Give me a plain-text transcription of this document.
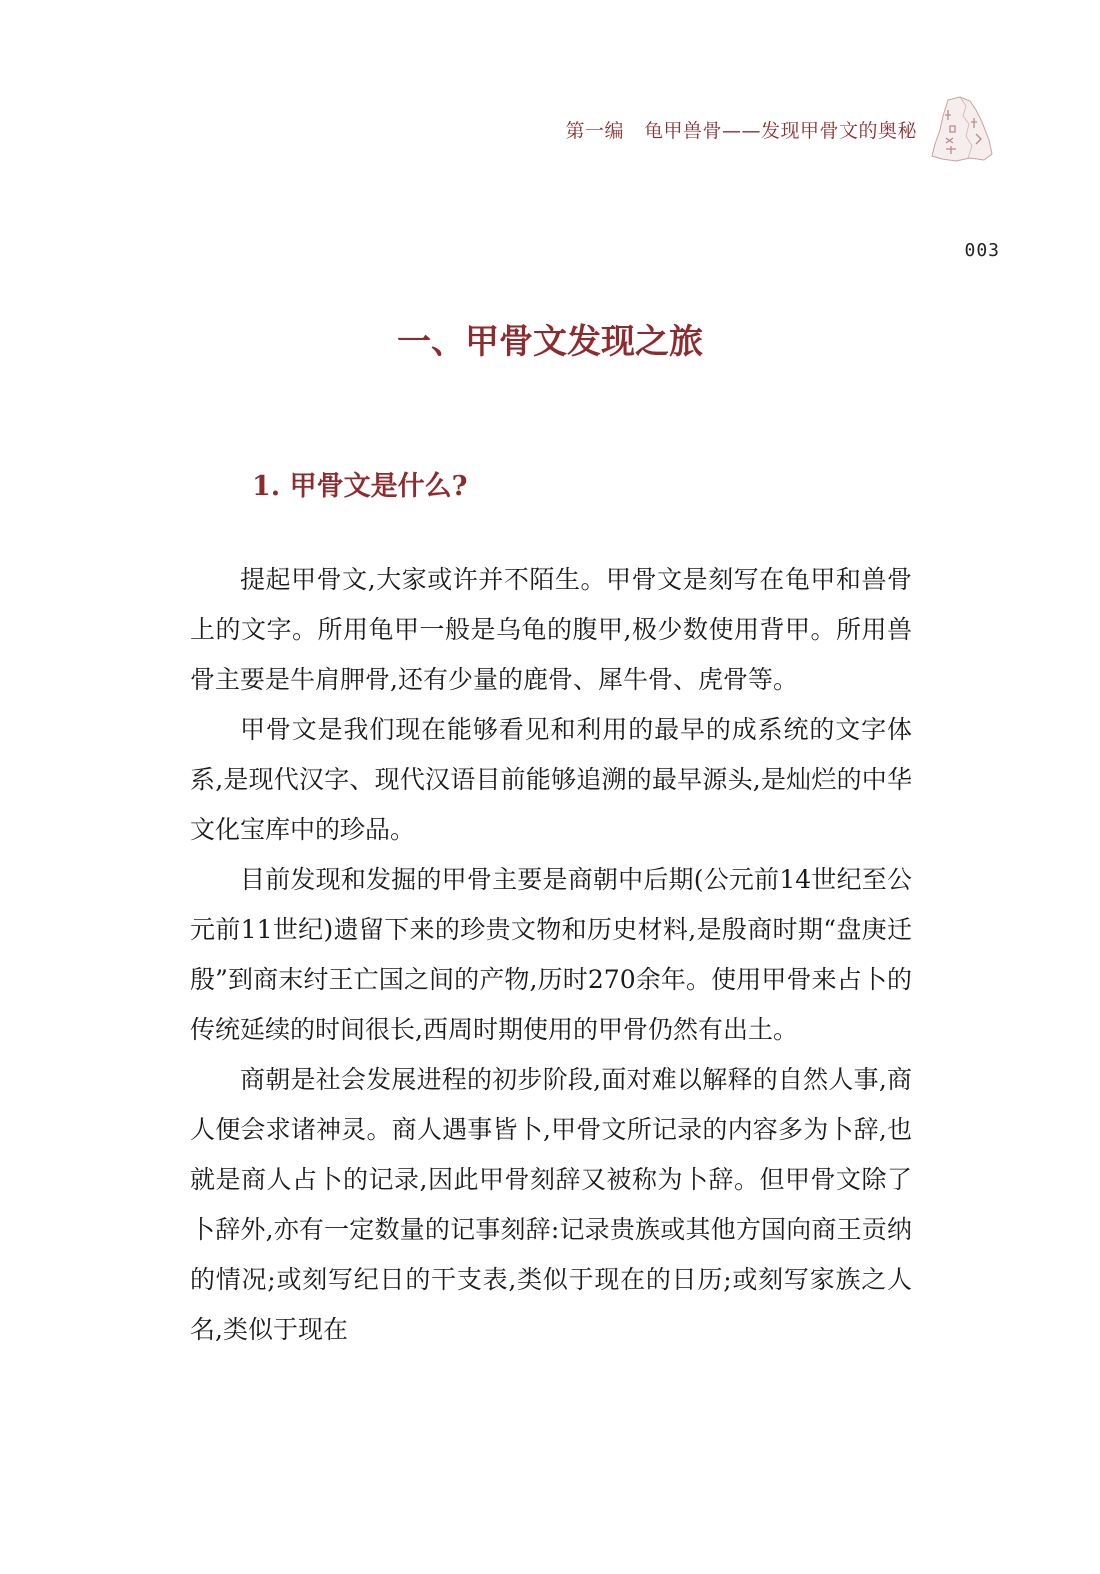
第一编 龟甲兽骨——发现甲骨文的奥秘
003
一、甲骨文发现之旅
1. 甲骨文是什么?

提起甲骨文,大家或许并不陌生。甲骨文是刻写在龟甲和兽骨上的文字。所用龟甲一般是乌龟的腹甲,极少数使用背甲。所用兽骨主要是牛肩胛骨,还有少量的鹿骨、犀牛骨、虎骨等。

甲骨文是我们现在能够看见和利用的最早的成系统的文字体系,是现代汉字、现代汉语目前能够追溯的最早源头,是灿烂的中华文化宝库中的珍品。

目前发现和发掘的甲骨主要是商朝中后期(公元前14世纪至公元前11世纪)遗留下来的珍贵文物和历史材料,是殷商时期“盘庚迁殷”到商末纣王亡国之间的产物,历时270余年。使用甲骨来占卜的传统延续的时间很长,西周时期使用的甲骨仍然有出土。

商朝是社会发展进程的初步阶段,面对难以解释的自然人事,商人便会求诸神灵。商人遇事皆卜,甲骨文所记录的内容多为卜辞,也就是商人占卜的记录,因此甲骨刻辞又被称为卜辞。但甲骨文除了卜辞外,亦有一定数量的记事刻辞:记录贵族或其他方国向商王贡纳的情况;或刻写纪日的干支表,类似于现在的日历;或刻写家族之人名,类似于现在
